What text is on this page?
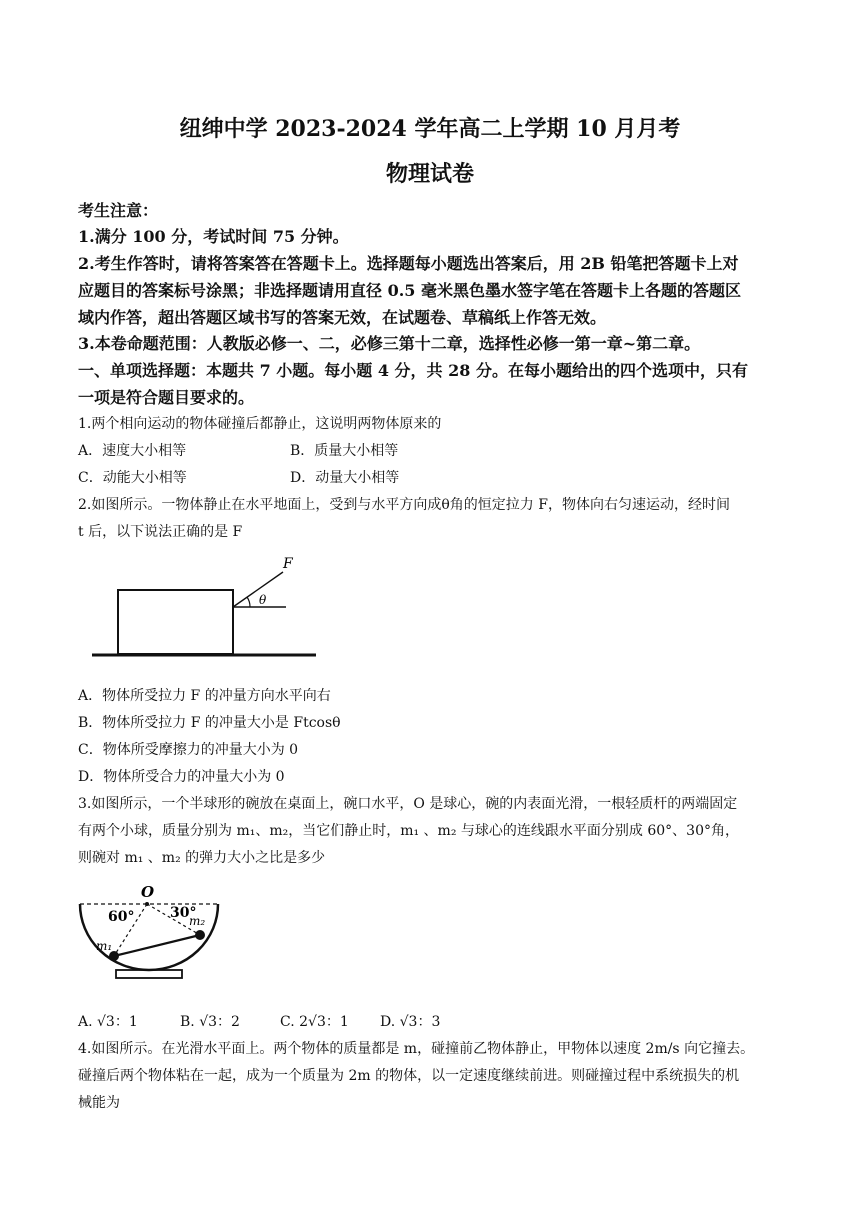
纽绅中学 2023-2024 学年高二上学期 10 月月考
物理试卷
考生注意：
1.满分 100 分，考试时间 75 分钟。
2.考生作答时，请将答案答在答题卡上。选择题每小题选出答案后，用 2B 铅笔把答题卡上对
应题目的答案标号涂黑；非选择题请用直径 0.5 毫米黑色墨水签字笔在答题卡上各题的答题区
域内作答，超出答题区域书写的答案无效，在试题卷、草稿纸上作答无效。
3.本卷命题范围：人教版必修一、二，必修三第十二章，选择性必修一第一章~第二章。
一、单项选择题：本题共 7 小题。每小题 4 分，共 28 分。在每小题给出的四个选项中，只有
一项是符合题目要求的。
1.两个相向运动的物体碰撞后都静止，这说明两物体原来的
A．速度大小相等	B．质量大小相等
C．动能大小相等	D．动量大小相等
2.如图所示。一物体静止在水平地面上，受到与水平方向成θ角的恒定拉力 F，物体向右匀速运动，经时间
t 后，以下说法正确的是 F
F
θ
A．物体所受拉力 F 的冲量方向水平向右
B．物体所受拉力 F 的冲量大小是 Ftcosθ
C．物体所受摩擦力的冲量大小为 0
D．物体所受合力的冲量大小为 0
3.如图所示，一个半球形的碗放在桌面上，碗口水平，O 是球心，碗的内表面光滑，一根轻质杆的两端固定
有两个小球，质量分别为 m₁、m₂，当它们静止时，m₁ 、m₂ 与球心的连线跟水平面分别成 60°、30°角，
则碗对 m₁ 、m₂ 的弹力大小之比是多少
O
60°	30°
m₁
m₂
A. √3：1	B. √3：2	C. 2√3：1 D. √3：3
4.如图所示。在光滑水平面上。两个物体的质量都是 m，碰撞前乙物体静止，甲物体以速度 2m/s 向它撞去。
碰撞后两个物体粘在一起，成为一个质量为 2m 的物体，以一定速度继续前进。则碰撞过程中系统损失的机
械能为
